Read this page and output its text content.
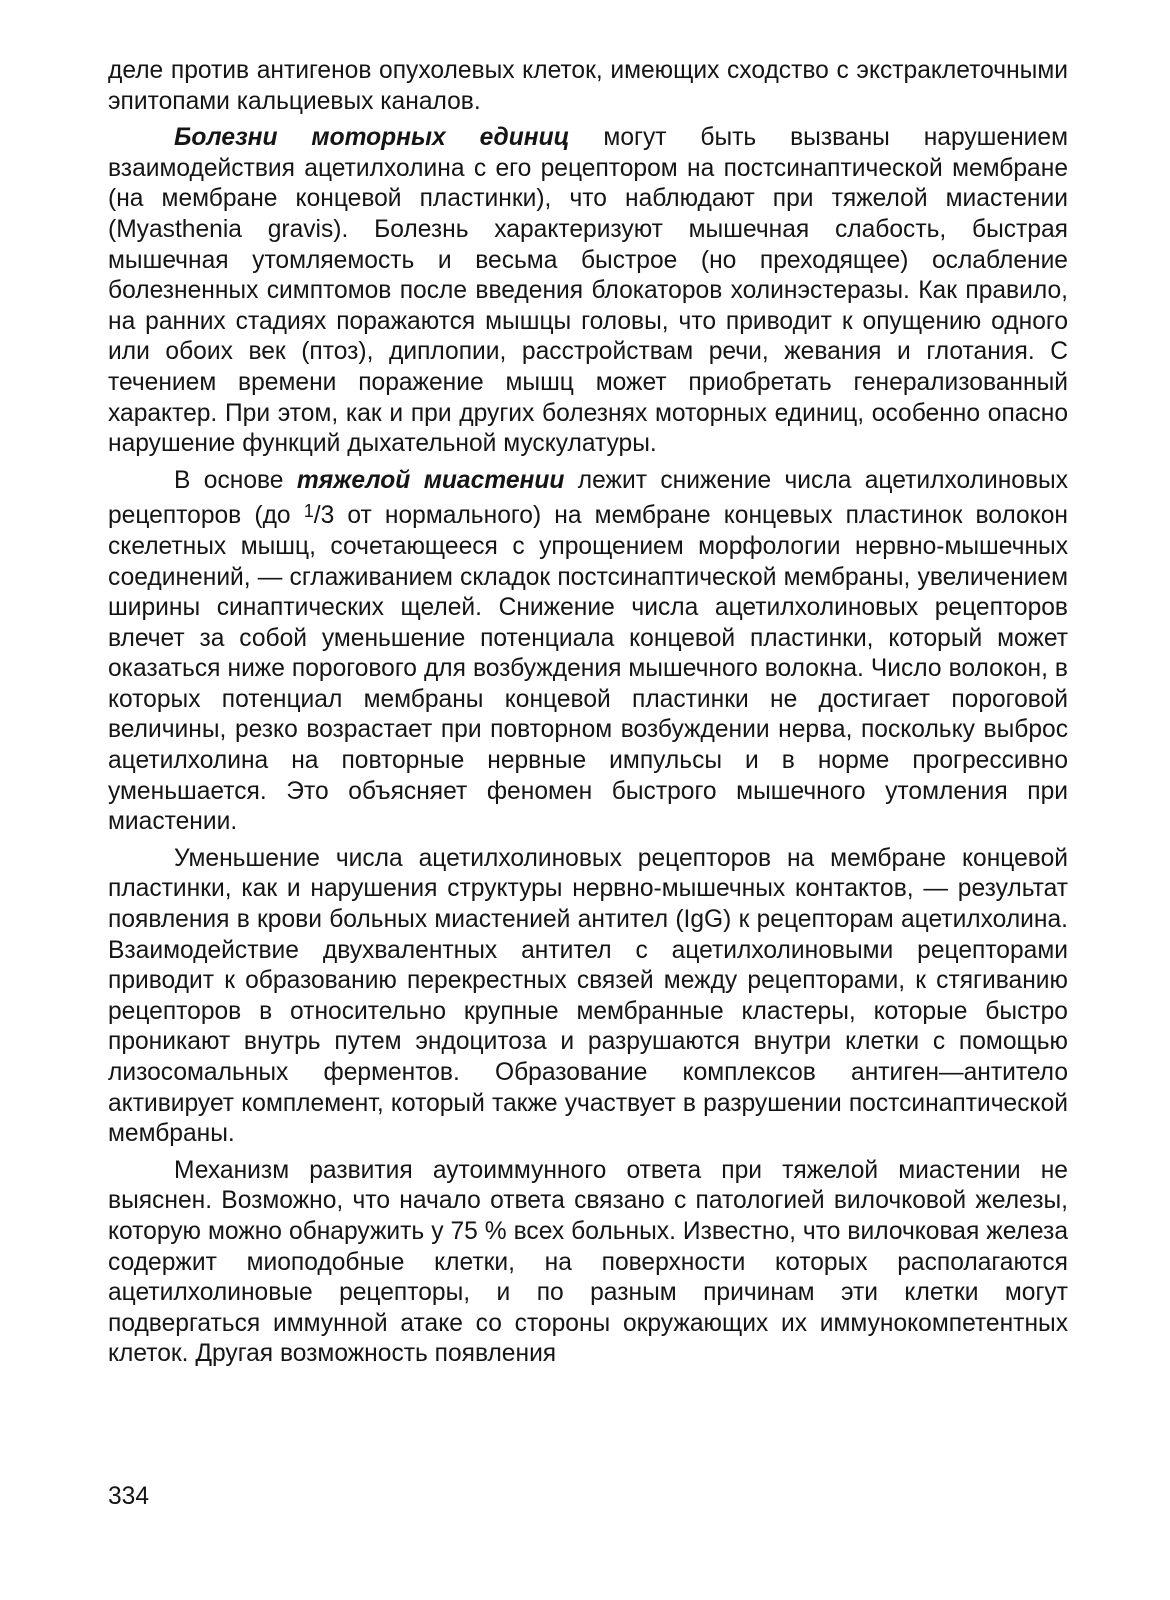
деле против антигенов опухолевых клеток, имеющих сходство с экстраклеточными эпитопами кальциевых каналов.

Болезни моторных единиц могут быть вызваны нарушением взаимодействия ацетилхолина с его рецептором на постсинаптической мембране (на мембране концевой пластинки), что наблюдают при тяжелой миастении (Myasthenia gravis). Болезнь характеризуют мышечная слабость, быстрая мышечная утомляемость и весьма быстрое (но преходящее) ослабление болезненных симптомов после введения блокаторов холинэстеразы. Как правило, на ранних стадиях поражаются мышцы головы, что приводит к опущению одного или обоих век (птоз), диплопии, расстройствам речи, жевания и глотания. С течением времени поражение мышц может приобретать генерализованный характер. При этом, как и при других болезнях моторных единиц, особенно опасно нарушение функций дыхательной мускулатуры.

В основе тяжелой миастении лежит снижение числа ацетилхолиновых рецепторов (до $^1$/3 от нормального) на мембране концевых пластинок волокон скелетных мышц, сочетающееся с упрощением морфологии нервно-мышечных соединений, — сглаживанием складок постсинаптической мембраны, увеличением ширины синаптических щелей. Снижение числа ацетилхолиновых рецепторов влечет за собой уменьшение потенциала концевой пластинки, который может оказаться ниже порогового для возбуждения мышечного волокна. Число волокон, в которых потенциал мембраны концевой пластинки не достигает пороговой величины, резко возрастает при повторном возбуждении нерва, поскольку выброс ацетилхолина на повторные нервные импульсы и в норме прогрессивно уменьшается. Это объясняет феномен быстрого мышечного утомления при миастении.

Уменьшение числа ацетилхолиновых рецепторов на мембране концевой пластинки, как и нарушения структуры нервно-мышечных контактов, — результат появления в крови больных миастенией антител (IgG) к рецепторам ацетилхолина. Взаимодействие двухвалентных антител с ацетилхолиновыми рецепторами приводит к образованию перекрестных связей между рецепторами, к стягиванию рецепторов в относительно крупные мембранные кластеры, которые быстро проникают внутрь путем эндоцитоза и разрушаются внутри клетки с помощью лизосомальных ферментов. Образование комплексов антиген—антитело активирует комплемент, который также участвует в разрушении постсинаптической мембраны.

Механизм развития аутоиммунного ответа при тяжелой миастении не выяснен. Возможно, что начало ответа связано с патологией вилочковой железы, которую можно обнаружить у 75 % всех больных. Известно, что вилочковая железа содержит миоподобные клетки, на поверхности которых располагаются ацетилхолиновые рецепторы, и по разным причинам эти клетки могут подвергаться иммунной атаке со стороны окружающих их иммунокомпетентных клеток. Другая возможность появления

334
